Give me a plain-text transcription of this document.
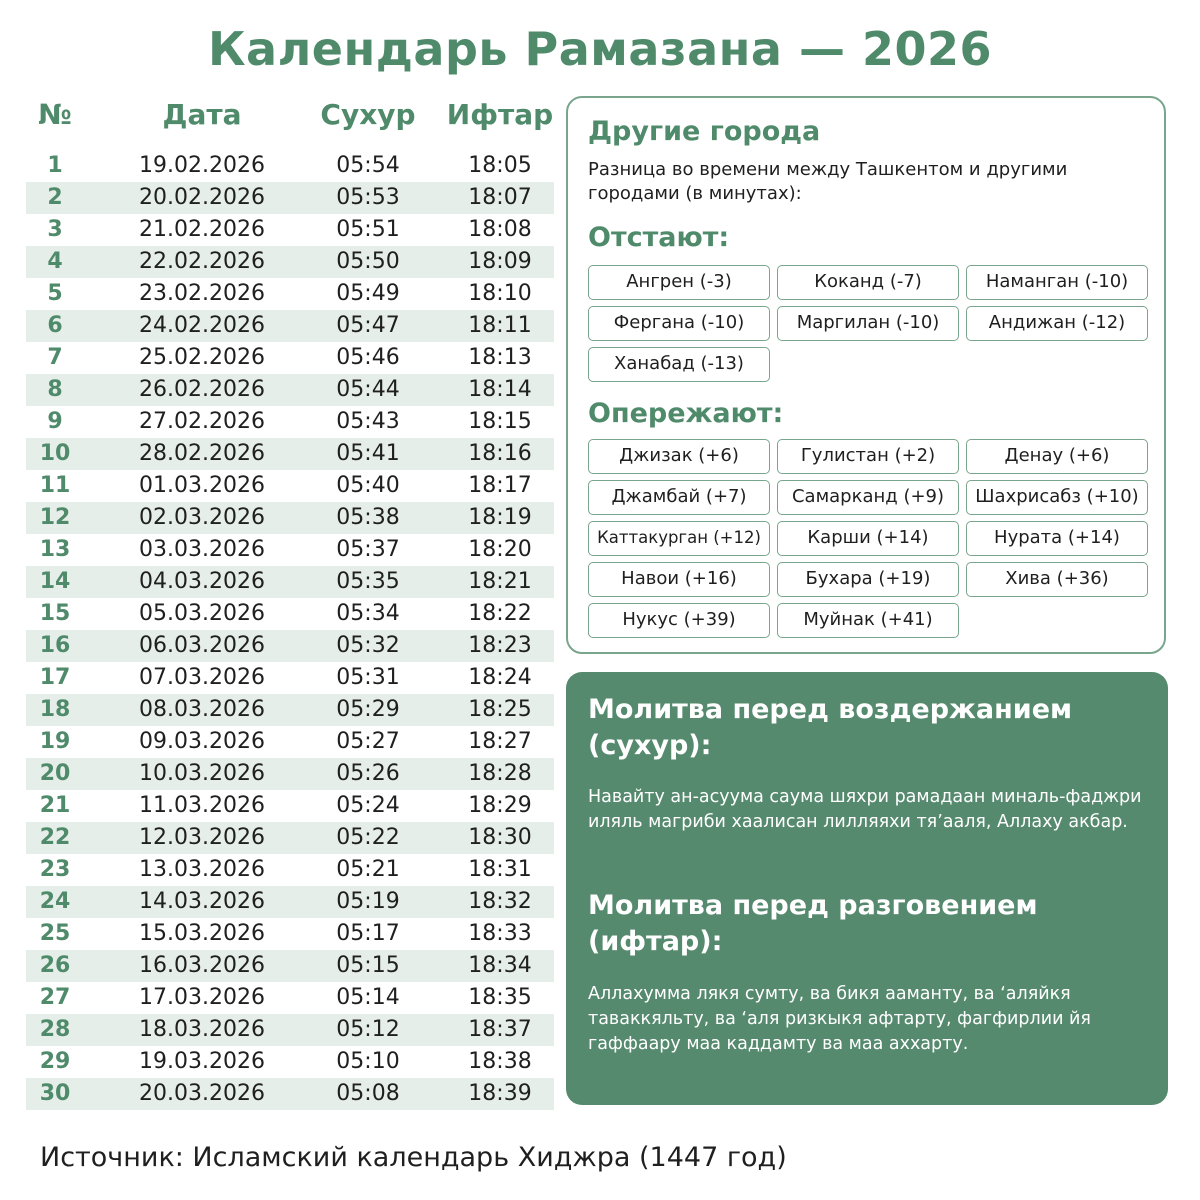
Календарь Рамазана — 2026
№	Дата	Сухур	Ифтар
1	19.02.2026	05:54	18:05
2	20.02.2026	05:53	18:07
3	21.02.2026	05:51	18:08
4	22.02.2026	05:50	18:09
5	23.02.2026	05:49	18:10
6	24.02.2026	05:47	18:11
7	25.02.2026	05:46	18:13
8	26.02.2026	05:44	18:14
9	27.02.2026	05:43	18:15
10	28.02.2026	05:41	18:16
11	01.03.2026	05:40	18:17
12	02.03.2026	05:38	18:19
13	03.03.2026	05:37	18:20
14	04.03.2026	05:35	18:21
15	05.03.2026	05:34	18:22
16	06.03.2026	05:32	18:23
17	07.03.2026	05:31	18:24
18	08.03.2026	05:29	18:25
19	09.03.2026	05:27	18:27
20	10.03.2026	05:26	18:28
21	11.03.2026	05:24	18:29
22	12.03.2026	05:22	18:30
23	13.03.2026	05:21	18:31
24	14.03.2026	05:19	18:32
25	15.03.2026	05:17	18:33
26	16.03.2026	05:15	18:34
27	17.03.2026	05:14	18:35
28	18.03.2026	05:12	18:37
29	19.03.2026	05:10	18:38
30	20.03.2026	05:08	18:39
Другие города
Разница во времени между Ташкентом и другими городами (в минутах):
Отстают:
Ангрен (-3)	Коканд (-7)	Наманган (-10)
Фергана (-10)	Маргилан (-10)	Андижан (-12)
Ханабад (-13)
Опережают:
Джизак (+6)	Гулистан (+2)	Денау (+6)
Джамбай (+7)	Самарканд (+9)	Шахрисабз (+10)
Каттакурган (+12)	Карши (+14)	Нурата (+14)
Навои (+16)	Бухара (+19)	Хива (+36)
Нукус (+39)	Муйнак (+41)
Молитва перед воздержанием (сухур):
Навайту ан-асуума саума шяхри рамадаан миналь-фаджри иляль магриби хаалисан лилляяхи тя’ааля, Аллаху акбар.
Молитва перед разговением (ифтар):
Аллахумма лякя сумту, ва бикя ааманту, ва ‘аляйкя таваккяльту, ва ‘аля ризкыкя афтарту, фагфирлии йя гаффаару маа каддамту ва маа аххарту.
Источник: Исламский календарь Хиджра (1447 год)
